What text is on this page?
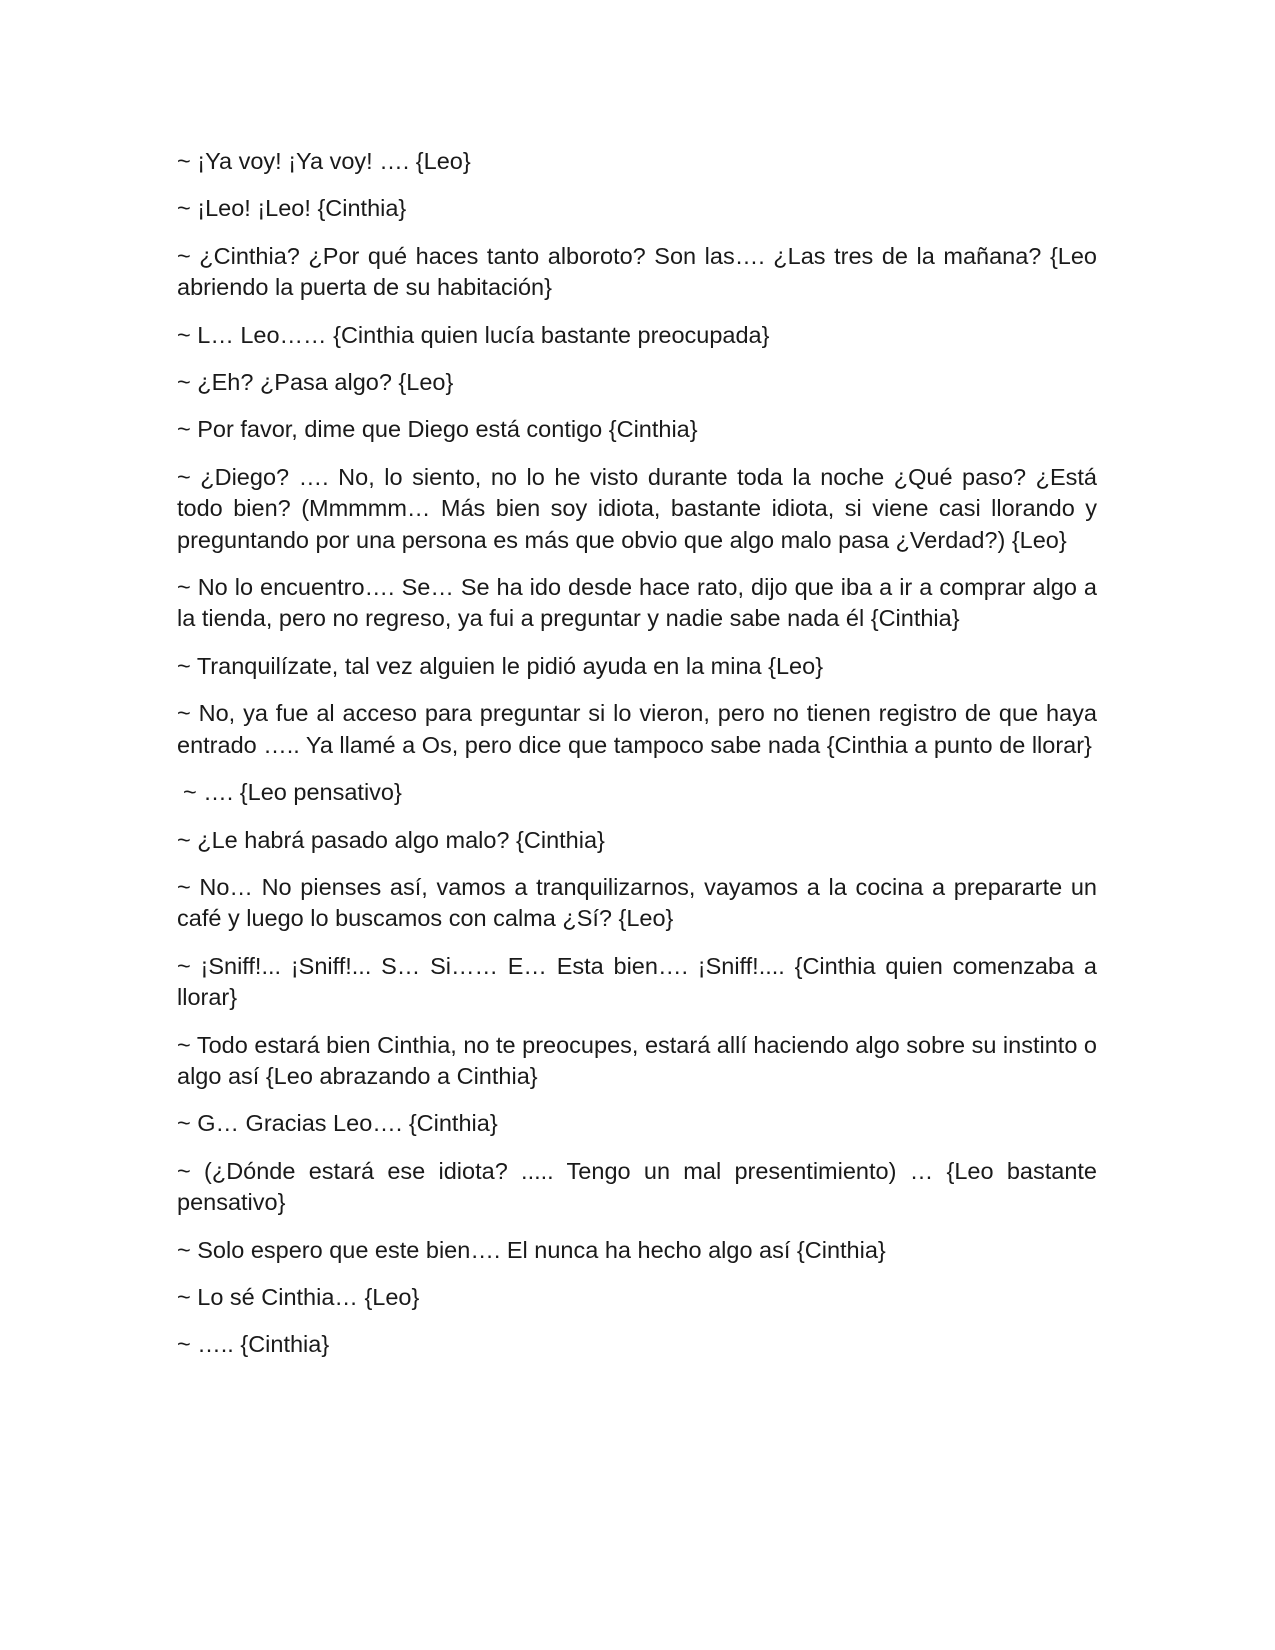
~ ¡Ya voy! ¡Ya voy! …. {Leo}

~ ¡Leo! ¡Leo! {Cinthia}

~ ¿Cinthia? ¿Por qué haces tanto alboroto? Son las…. ¿Las tres de la mañana? {Leo abriendo la puerta de su habitación}

~ L… Leo…… {Cinthia quien lucía bastante preocupada}

~ ¿Eh? ¿Pasa algo? {Leo}

~ Por favor, dime que Diego está contigo {Cinthia}

~ ¿Diego? …. No, lo siento, no lo he visto durante toda la noche ¿Qué paso? ¿Está todo bien? (Mmmmm… Más bien soy idiota, bastante idiota, si viene casi llorando y preguntando por una persona es más que obvio que algo malo pasa ¿Verdad?) {Leo}

~ No lo encuentro…. Se… Se ha ido desde hace rato, dijo que iba a ir a comprar algo a la tienda, pero no regreso, ya fui a preguntar y nadie sabe nada él {Cinthia}

~ Tranquilízate, tal vez alguien le pidió ayuda en la mina {Leo}

~ No, ya fue al acceso para preguntar si lo vieron, pero no tienen registro de que haya entrado ….. Ya llamé a Os, pero dice que tampoco sabe nada {Cinthia a punto de llorar}

~ …. {Leo pensativo}

~ ¿Le habrá pasado algo malo? {Cinthia}

~ No… No pienses así, vamos a tranquilizarnos, vayamos a la cocina a prepararte un café y luego lo buscamos con calma ¿Sí? {Leo}

~ ¡Sniff!... ¡Sniff!... S… Si…… E… Esta bien…. ¡Sniff!.... {Cinthia quien comenzaba a llorar}

~ Todo estará bien Cinthia, no te preocupes, estará allí haciendo algo sobre su instinto o algo así {Leo abrazando a Cinthia}

~ G… Gracias Leo…. {Cinthia}

~ (¿Dónde estará ese idiota? ..... Tengo un mal presentimiento) … {Leo bastante pensativo}

~ Solo espero que este bien…. El nunca ha hecho algo así {Cinthia}

~ Lo sé Cinthia… {Leo}

~ ….. {Cinthia}
